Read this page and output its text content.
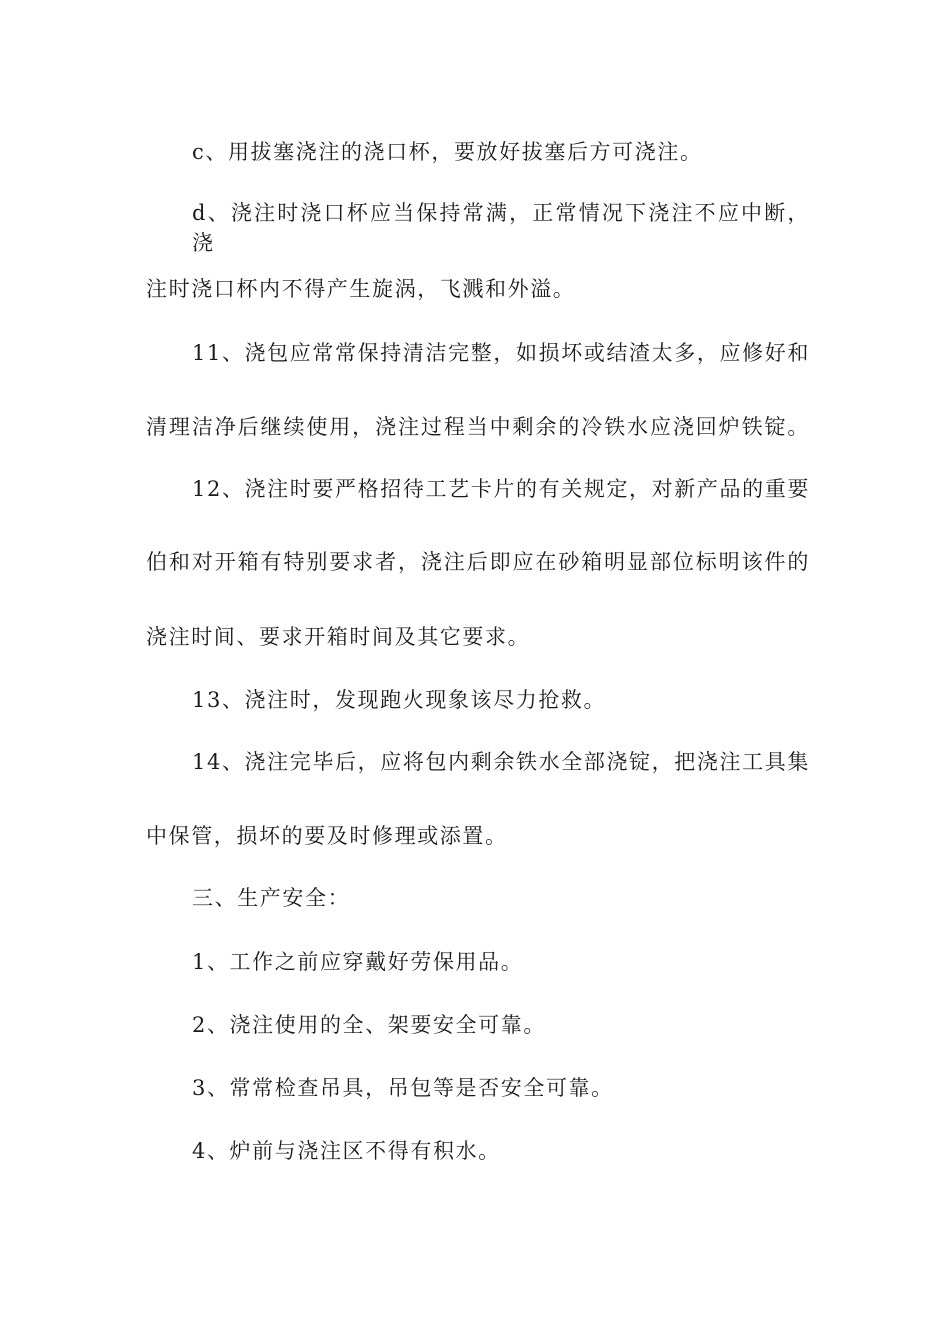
c、用拔塞浇注的浇口杯，要放好拔塞后方可浇注。
d、浇注时浇口杯应当保持常满，正常情况下浇注不应中断，浇
注时浇口杯内不得产生旋涡，飞溅和外溢。
11、浇包应常常保持清洁完整，如损坏或结渣太多，应修好和
清理洁净后继续使用，浇注过程当中剩余的冷铁水应浇回炉铁锭。
12、浇注时要严格招待工艺卡片的有关规定，对新产品的重要
伯和对开箱有特别要求者，浇注后即应在砂箱明显部位标明该件的
浇注时间、要求开箱时间及其它要求。
13、浇注时，发现跑火现象该尽力抢救。
14、浇注完毕后，应将包内剩余铁水全部浇锭，把浇注工具集
中保管，损坏的要及时修理或添置。
三、生产安全：
1、工作之前应穿戴好劳保用品。
2、浇注使用的全、架要安全可靠。
3、常常检查吊具，吊包等是否安全可靠。
4、炉前与浇注区不得有积水。
